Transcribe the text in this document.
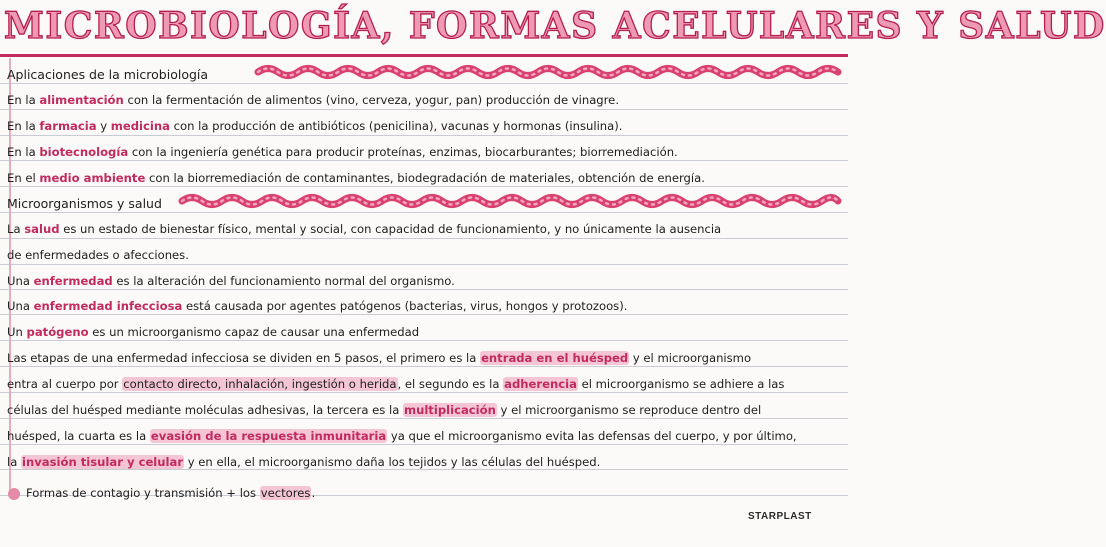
MICROBIOLOGÍA, FORMAS ACELULARES Y SALUD
Aplicaciones de la microbiología
En la alimentación con la fermentación de alimentos (vino, cerveza, yogur, pan) producción de vinagre.
En la farmacia y medicina con la producción de antibióticos (penicilina), vacunas y hormonas (insulina).
En la biotecnología con la ingeniería genética para producir proteínas, enzimas, biocarburantes; biorremediación.
En el medio ambiente con la biorremediación de contaminantes, biodegradación de materiales, obtención de energía.
Microorganismos y salud
La salud es un estado de bienestar físico, mental y social, con capacidad de funcionamiento, y no únicamente la ausencia
de enfermedades o afecciones.
Una enfermedad es la alteración del funcionamiento normal del organismo.
Una enfermedad infecciosa está causada por agentes patógenos (bacterias, virus, hongos y protozoos).
Un patógeno es un microorganismo capaz de causar una enfermedad
Las etapas de una enfermedad infecciosa se dividen en 5 pasos, el primero es la entrada en el huésped y el microorganismo
entra al cuerpo por contacto directo, inhalación, ingestión o herida, el segundo es la adherencia el microorganismo se adhiere a las
células del huésped mediante moléculas adhesivas, la tercera es la multiplicación y el microorganismo se reproduce dentro del
huésped, la cuarta es la evasión de la respuesta inmunitaria ya que el microorganismo evita las defensas del cuerpo, y por último,
la invasión tisular y celular y en ella, el microorganismo daña los tejidos y las células del huésped.
Formas de contagio y transmisión + los vectores.
STARPLAST
